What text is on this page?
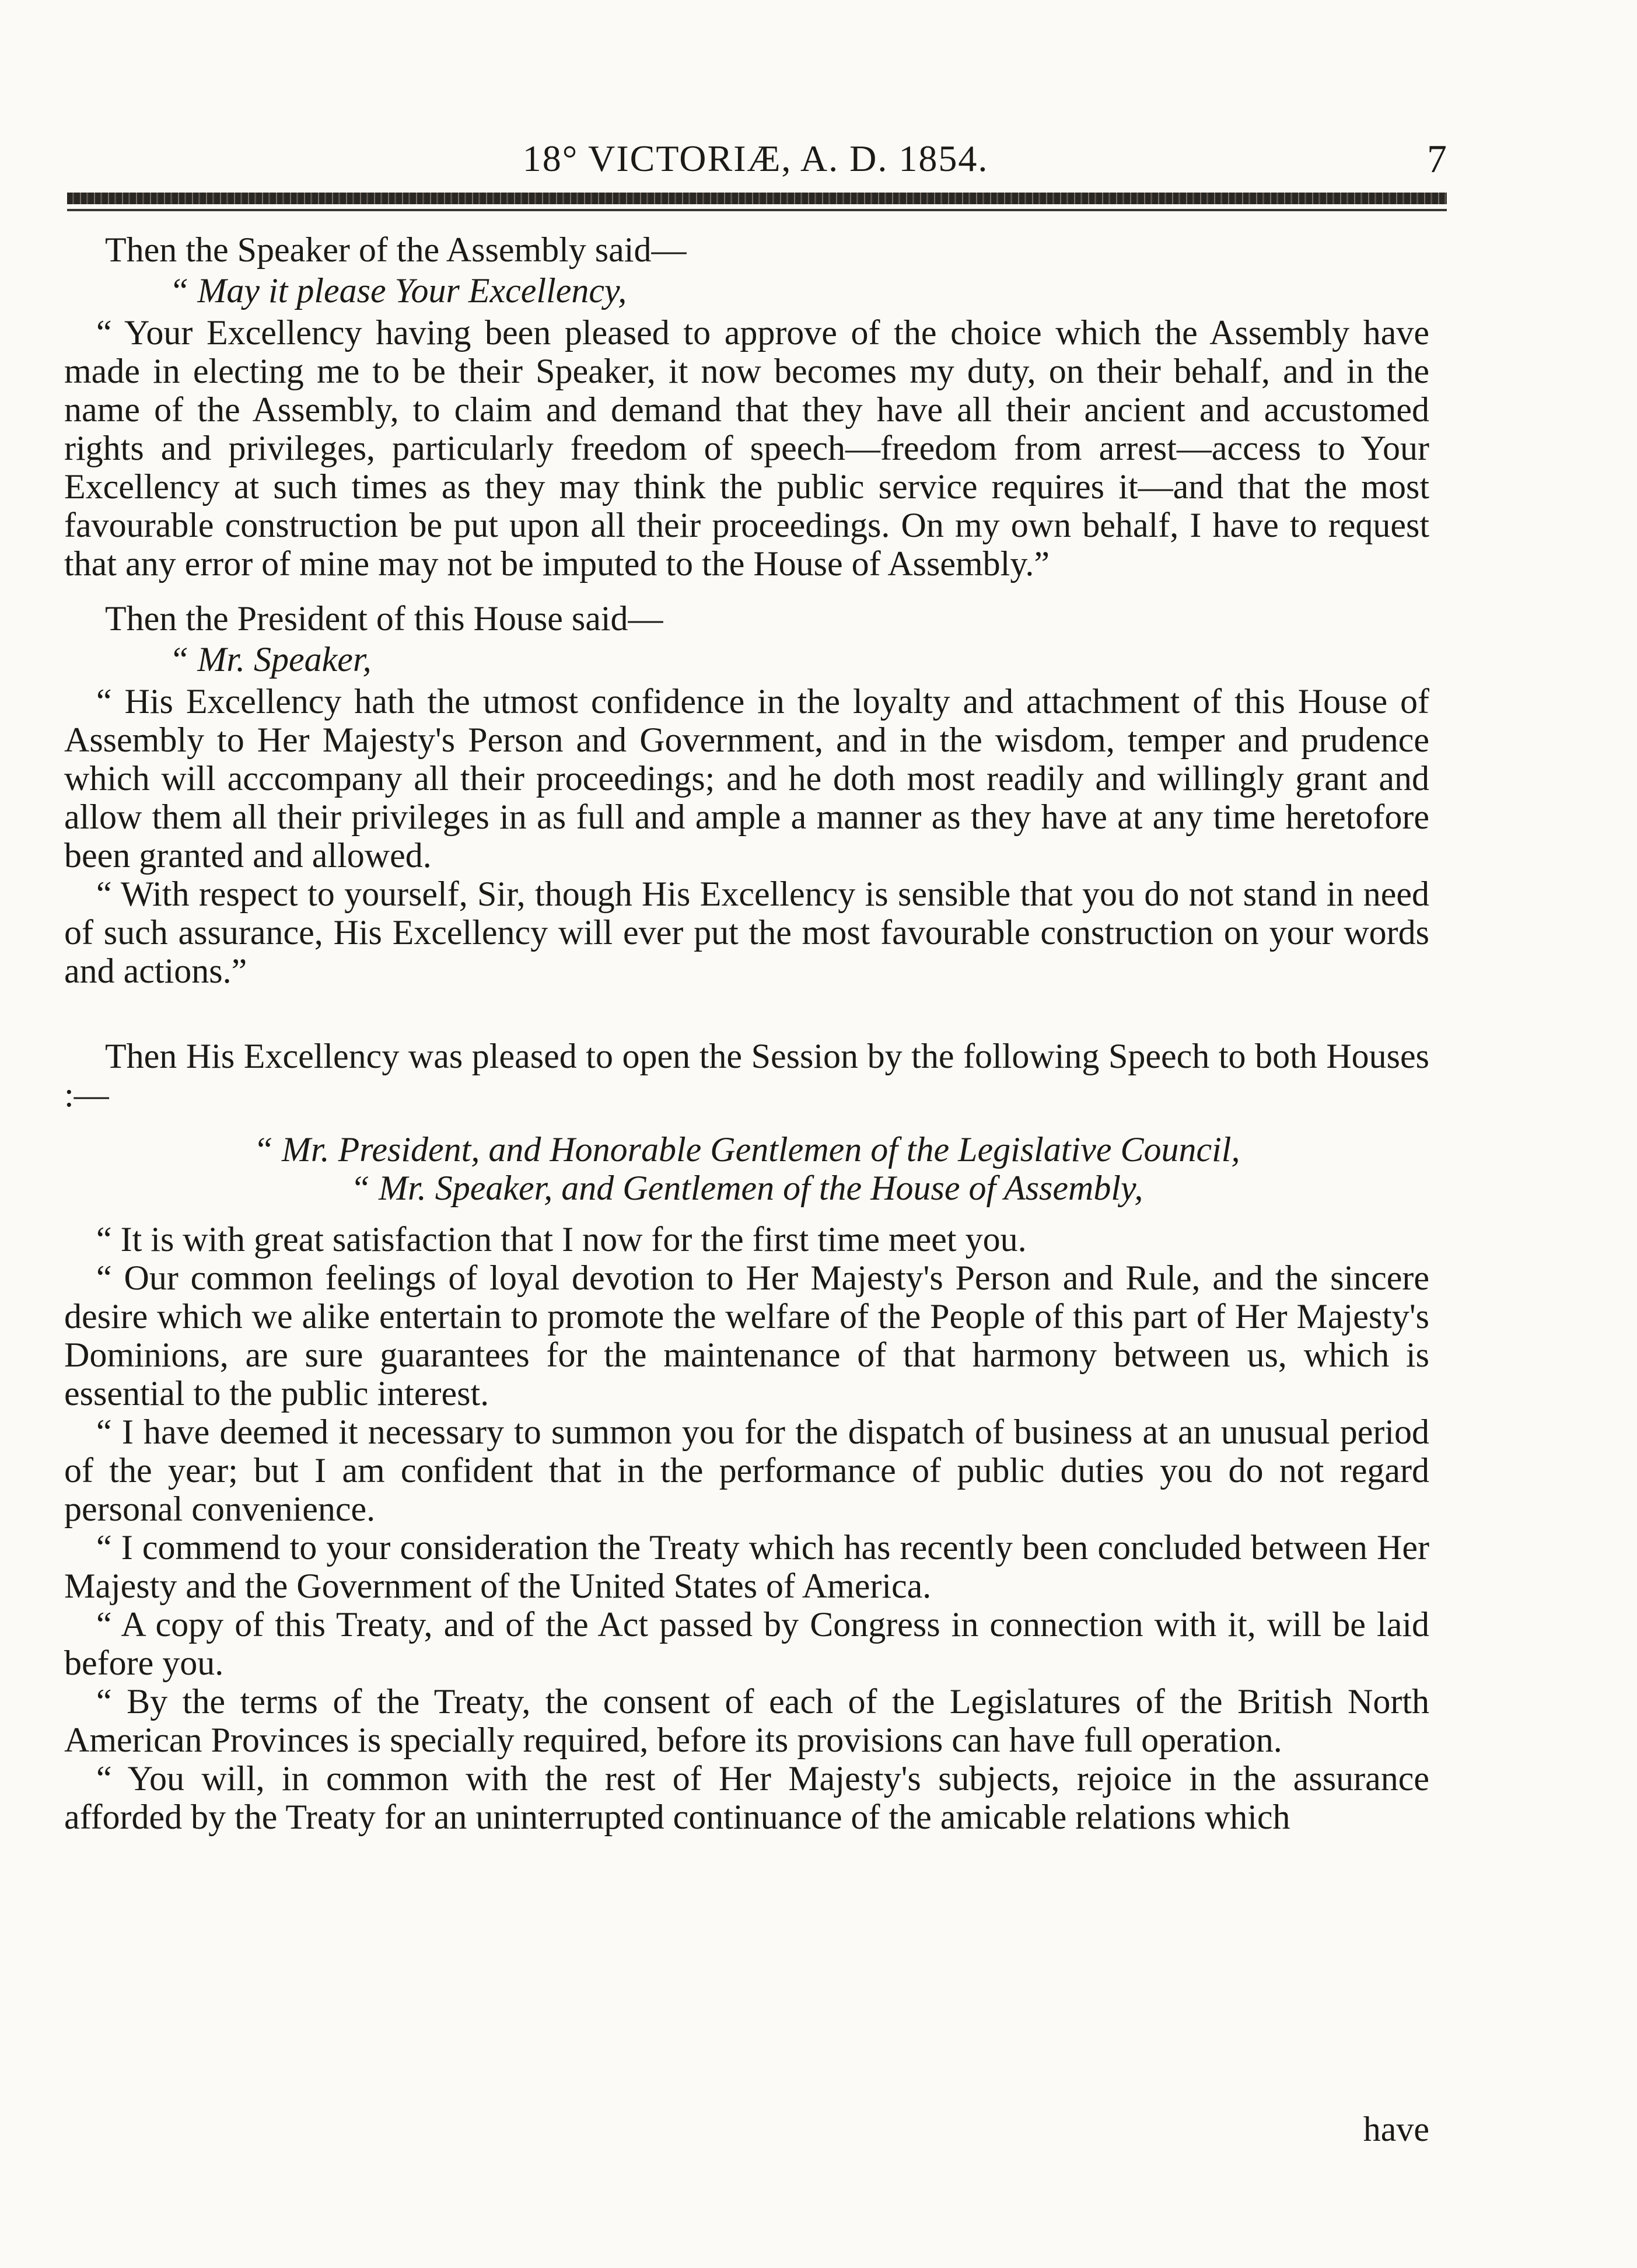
18° VICTORIÆ, A. D. 1854.	7

Then the Speaker of the Assembly said—

“ May it please Your Excellency,

“ Your Excellency having been pleased to approve of the choice which the Assembly have made in electing me to be their Speaker, it now becomes my duty, on their behalf, and in the name of the Assembly, to claim and demand that they have all their ancient and accustomed rights and privileges, particularly freedom of speech—freedom from arrest—access to Your Excellency at such times as they may think the public service requires it—and that the most favourable construction be put upon all their proceedings. On my own behalf, I have to request that any error of mine may not be imputed to the House of Assembly.”

Then the President of this House said—

“ Mr. Speaker,

“ His Excellency hath the utmost confidence in the loyalty and attachment of this House of Assembly to Her Majesty's Person and Government, and in the wisdom, temper and prudence which will acccompany all their proceedings; and he doth most readily and willingly grant and allow them all their privileges in as full and ample a manner as they have at any time heretofore been granted and allowed.

“ With respect to yourself, Sir, though His Excellency is sensible that you do not stand in need of such assurance, His Excellency will ever put the most favourable construction on your words and actions.”

Then His Excellency was pleased to open the Session by the following Speech to both Houses :—

“ Mr. President, and Honorable Gentlemen of the Legislative Council,

“ Mr. Speaker, and Gentlemen of the House of Assembly,

“ It is with great satisfaction that I now for the first time meet you.

“ Our common feelings of loyal devotion to Her Majesty's Person and Rule, and the sincere desire which we alike entertain to promote the welfare of the People of this part of Her Majesty's Dominions, are sure guarantees for the maintenance of that harmony between us, which is essential to the public interest.

“ I have deemed it necessary to summon you for the dispatch of business at an unusual period of the year; but I am confident that in the performance of public duties you do not regard personal convenience.

“ I commend to your consideration the Treaty which has recently been concluded between Her Majesty and the Government of the United States of America.

“ A copy of this Treaty, and of the Act passed by Congress in connection with it, will be laid before you.

“ By the terms of the Treaty, the consent of each of the Legislatures of the British North American Provinces is specially required, before its provisions can have full operation.

“ You will, in common with the rest of Her Majesty's subjects, rejoice in the assurance afforded by the Treaty for an uninterrupted continuance of the amicable relations which

have
